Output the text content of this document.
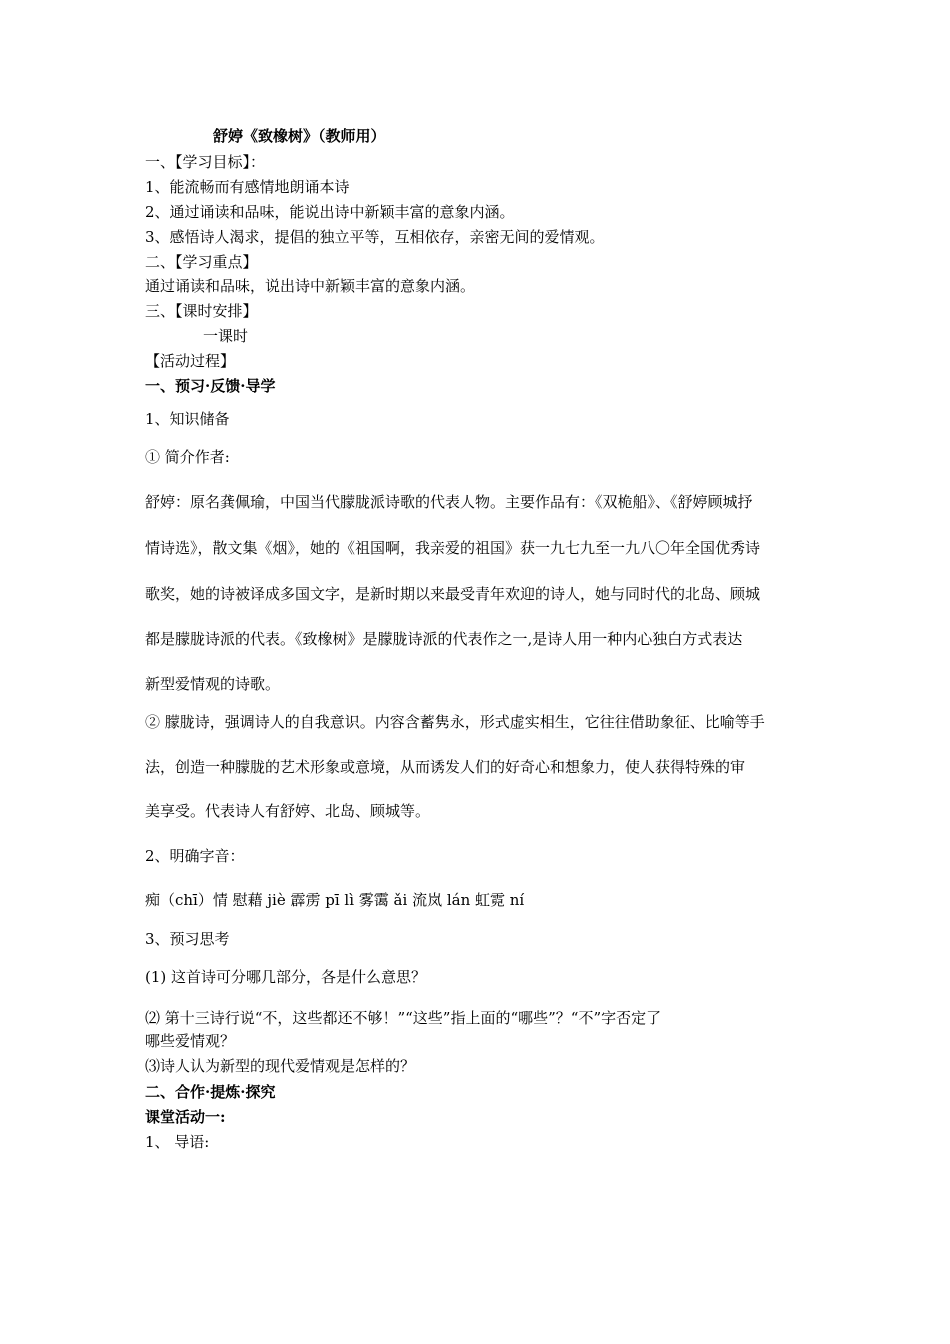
舒婷《致橡树》（教师用）
一、【学习目标】：
1、能流畅而有感情地朗诵本诗
2、通过诵读和品味，能说出诗中新颖丰富的意象内涵。
3、感悟诗人渴求，提倡的独立平等，互相依存，亲密无间的爱情观。
二、【学习重点】
通过诵读和品味，说出诗中新颖丰富的意象内涵。
三、【课时安排】
一课时
【活动过程】
一、预习·反馈·导学
1、知识储备
① 简介作者:
舒婷：原名龚佩瑜，中国当代朦胧派诗歌的代表人物。主要作品有：《双桅船》、《舒婷顾城抒
情诗选》，散文集《烟》，她的《祖国啊，我亲爱的祖国》获一九七九至一九八〇年全国优秀诗
歌奖，她的诗被译成多国文字，是新时期以来最受青年欢迎的诗人，她与同时代的北岛、顾城
都是朦胧诗派的代表。《致橡树》是朦胧诗派的代表作之一,是诗人用一种内心独白方式表达
新型爱情观的诗歌。
② 朦胧诗，强调诗人的自我意识。内容含蓄隽永，形式虚实相生，它往往借助象征、比喻等手
法，创造一种朦胧的艺术形象或意境，从而诱发人们的好奇心和想象力，使人获得特殊的审
美享受。代表诗人有舒婷、北岛、顾城等。
2、明确字音：
痴（chī）情 慰藉 jiè 霹雳 pī lì 雾霭 ǎi 流岚 lán 虹霓 ní
3、预习思考
(1) 这首诗可分哪几部分，各是什么意思？
⑵ 第十三诗行说“不，这些都还不够！”“这些”指上面的“哪些”？“不”字否定了
哪些爱情观？
⑶诗人认为新型的现代爱情观是怎样的？
二、合作·提炼·探究
课堂活动一:
1、 导语:
